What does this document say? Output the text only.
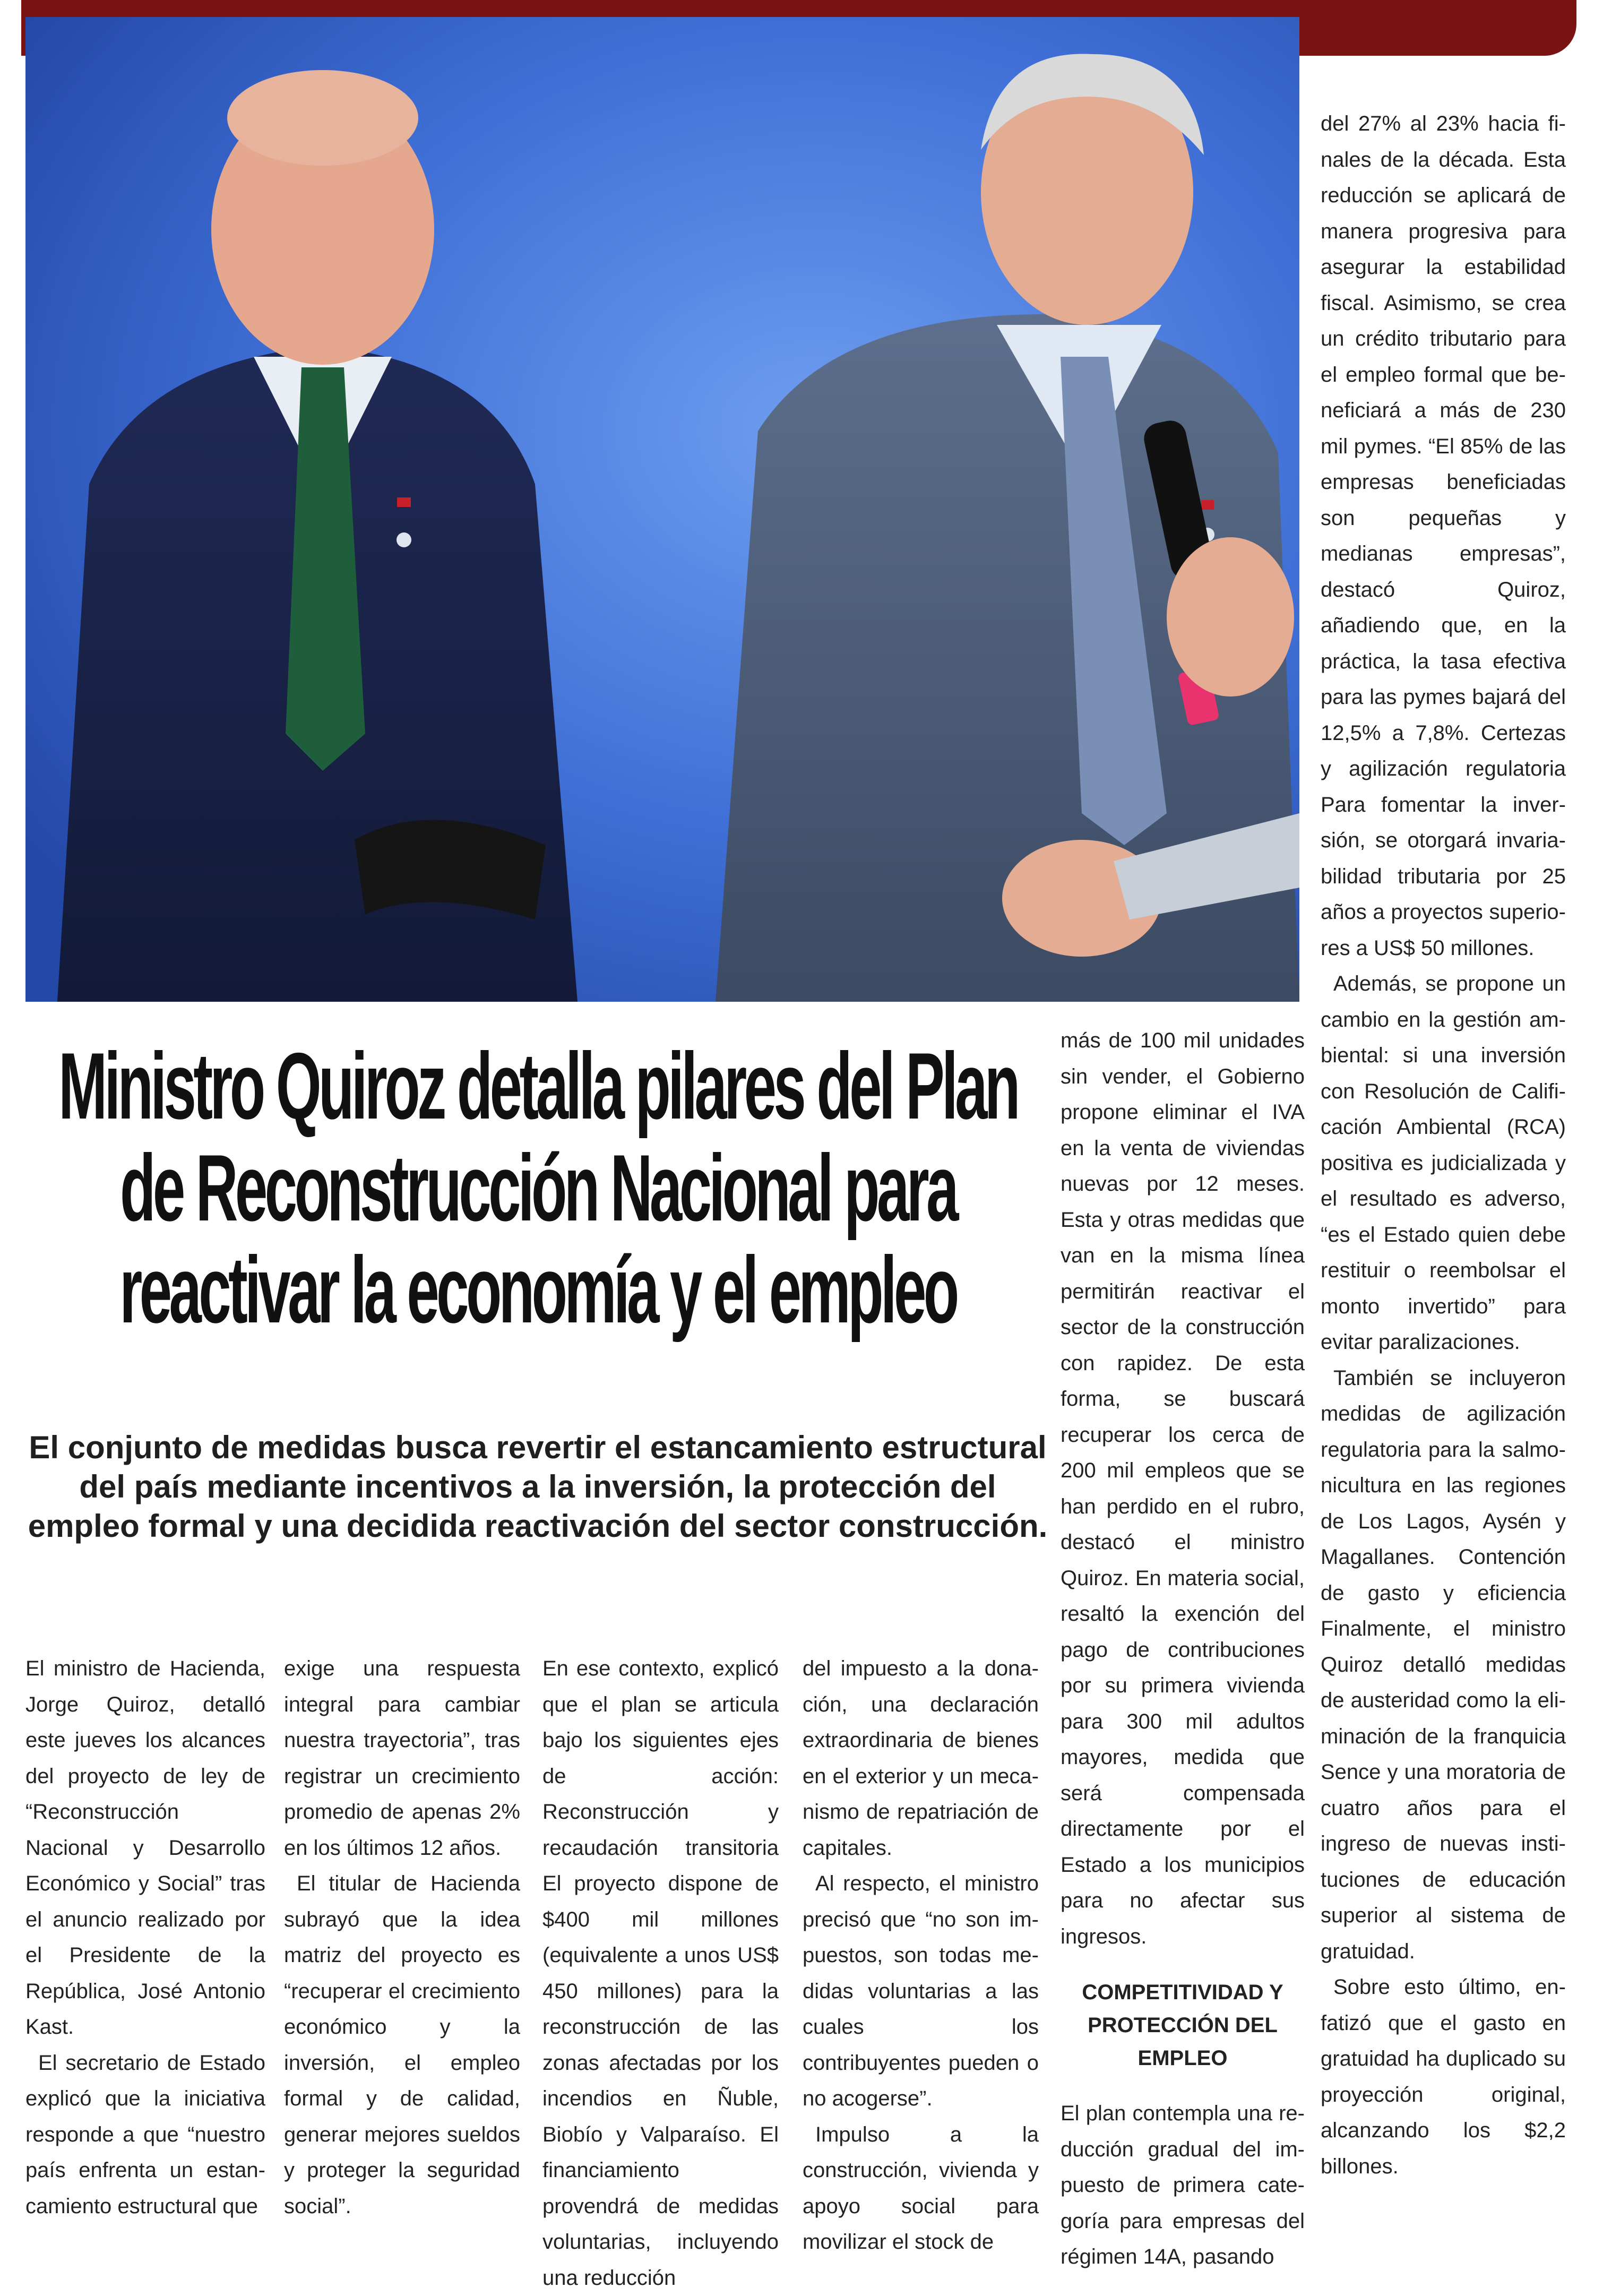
Ministro Quiroz detalla pilares del Plan de Reconstrucción Nacional para reactivar la economía y el empleo

El conjunto de medidas busca revertir el estancamiento estructural del país mediante incentivos a la inversión, la protección del empleo formal y una decidida reactivación del sector construcción.

El ministro de Hacienda, Jorge Quiroz, detalló este jueves los alcances del proyecto de ley de “Reconstrucción Nacional y Desarrollo Económico y Social” tras el anuncio realizado por el Presidente de la República, José Antonio Kast.

El secretario de Estado explicó que la iniciativa responde a que “nuestro país enfrenta un estancamiento estructural que

exige una respuesta integral para cambiar nuestra trayectoria”, tras registrar un crecimiento promedio de apenas 2% en los últimos 12 años.

El titular de Hacienda subrayó que la idea matriz del proyecto es “recuperar el crecimiento económico y la inversión, el empleo formal y de calidad, generar mejores sueldos y proteger la seguridad social”.

En ese contexto, explicó que el plan se articula bajo los siguientes ejes de acción: Reconstrucción y recaudación transitoria El proyecto dispone de $400 mil millones (equivalente a unos US$ 450 millones) para la reconstrucción de las zonas afectadas por los incendios en Ñuble, Biobío y Valparaíso. El financiamiento provendrá de medidas voluntarias, incluyendo una reducción

del impuesto a la donación, una declaración extraordinaria de bienes en el exterior y un mecanismo de repatriación de capitales.

Al respecto, el ministro precisó que “no son impuestos, son todas medidas voluntarias a las cuales los contribuyentes pueden o no acogerse”.

Impulso a la construcción, vivienda y apoyo social para movilizar el stock de

más de 100 mil unidades sin vender, el Gobierno propone eliminar el IVA en la venta de viviendas nuevas por 12 meses. Esta y otras medidas que van en la misma línea permitirán reactivar el sector de la construcción con rapidez. De esta forma, se buscará recuperar los cerca de 200 mil empleos que se han perdido en el rubro, destacó el ministro Quiroz. En materia social, resaltó la exención del pago de contribuciones por su primera vivienda para 300 mil adultos mayores, medida que será compensada directamente por el Estado a los municipios para no afectar sus ingresos.

COMPETITIVIDAD Y PROTECCIÓN DEL EMPLEO

El plan contempla una reducción gradual del impuesto de primera categoría para empresas del régimen 14A, pasando

del 27% al 23% hacia finales de la década. Esta reducción se aplicará de manera progresiva para asegurar la estabilidad fiscal. Asimismo, se crea un crédito tributario para el empleo formal que beneficiará a más de 230 mil pymes. “El 85% de las empresas beneficiadas son pequeñas y medianas empresas”, destacó Quiroz, añadiendo que, en la práctica, la tasa efectiva para las pymes bajará del 12,5% a 7,8%. Certezas y agilización regulatoria Para fomentar la inversión, se otorgará invariabilidad tributaria por 25 años a proyectos superiores a US$ 50 millones.

Además, se propone un cambio en la gestión ambiental: si una inversión con Resolución de Calificación Ambiental (RCA) positiva es judicializada y el resultado es adverso, “es el Estado quien debe restituir o reembolsar el monto invertido” para evitar paralizaciones.

También se incluyeron medidas de agilización regulatoria para la salmonicultura en las regiones de Los Lagos, Aysén y Magallanes. Contención de gasto y eficiencia Finalmente, el ministro Quiroz detalló medidas de austeridad como la eliminación de la franquicia Sence y una moratoria de cuatro años para el ingreso de nuevas instituciones de educación superior al sistema de gratuidad.

Sobre esto último, enfatizó que el gasto en gratuidad ha duplicado su proyección original, alcanzando los $2,2 billones.
